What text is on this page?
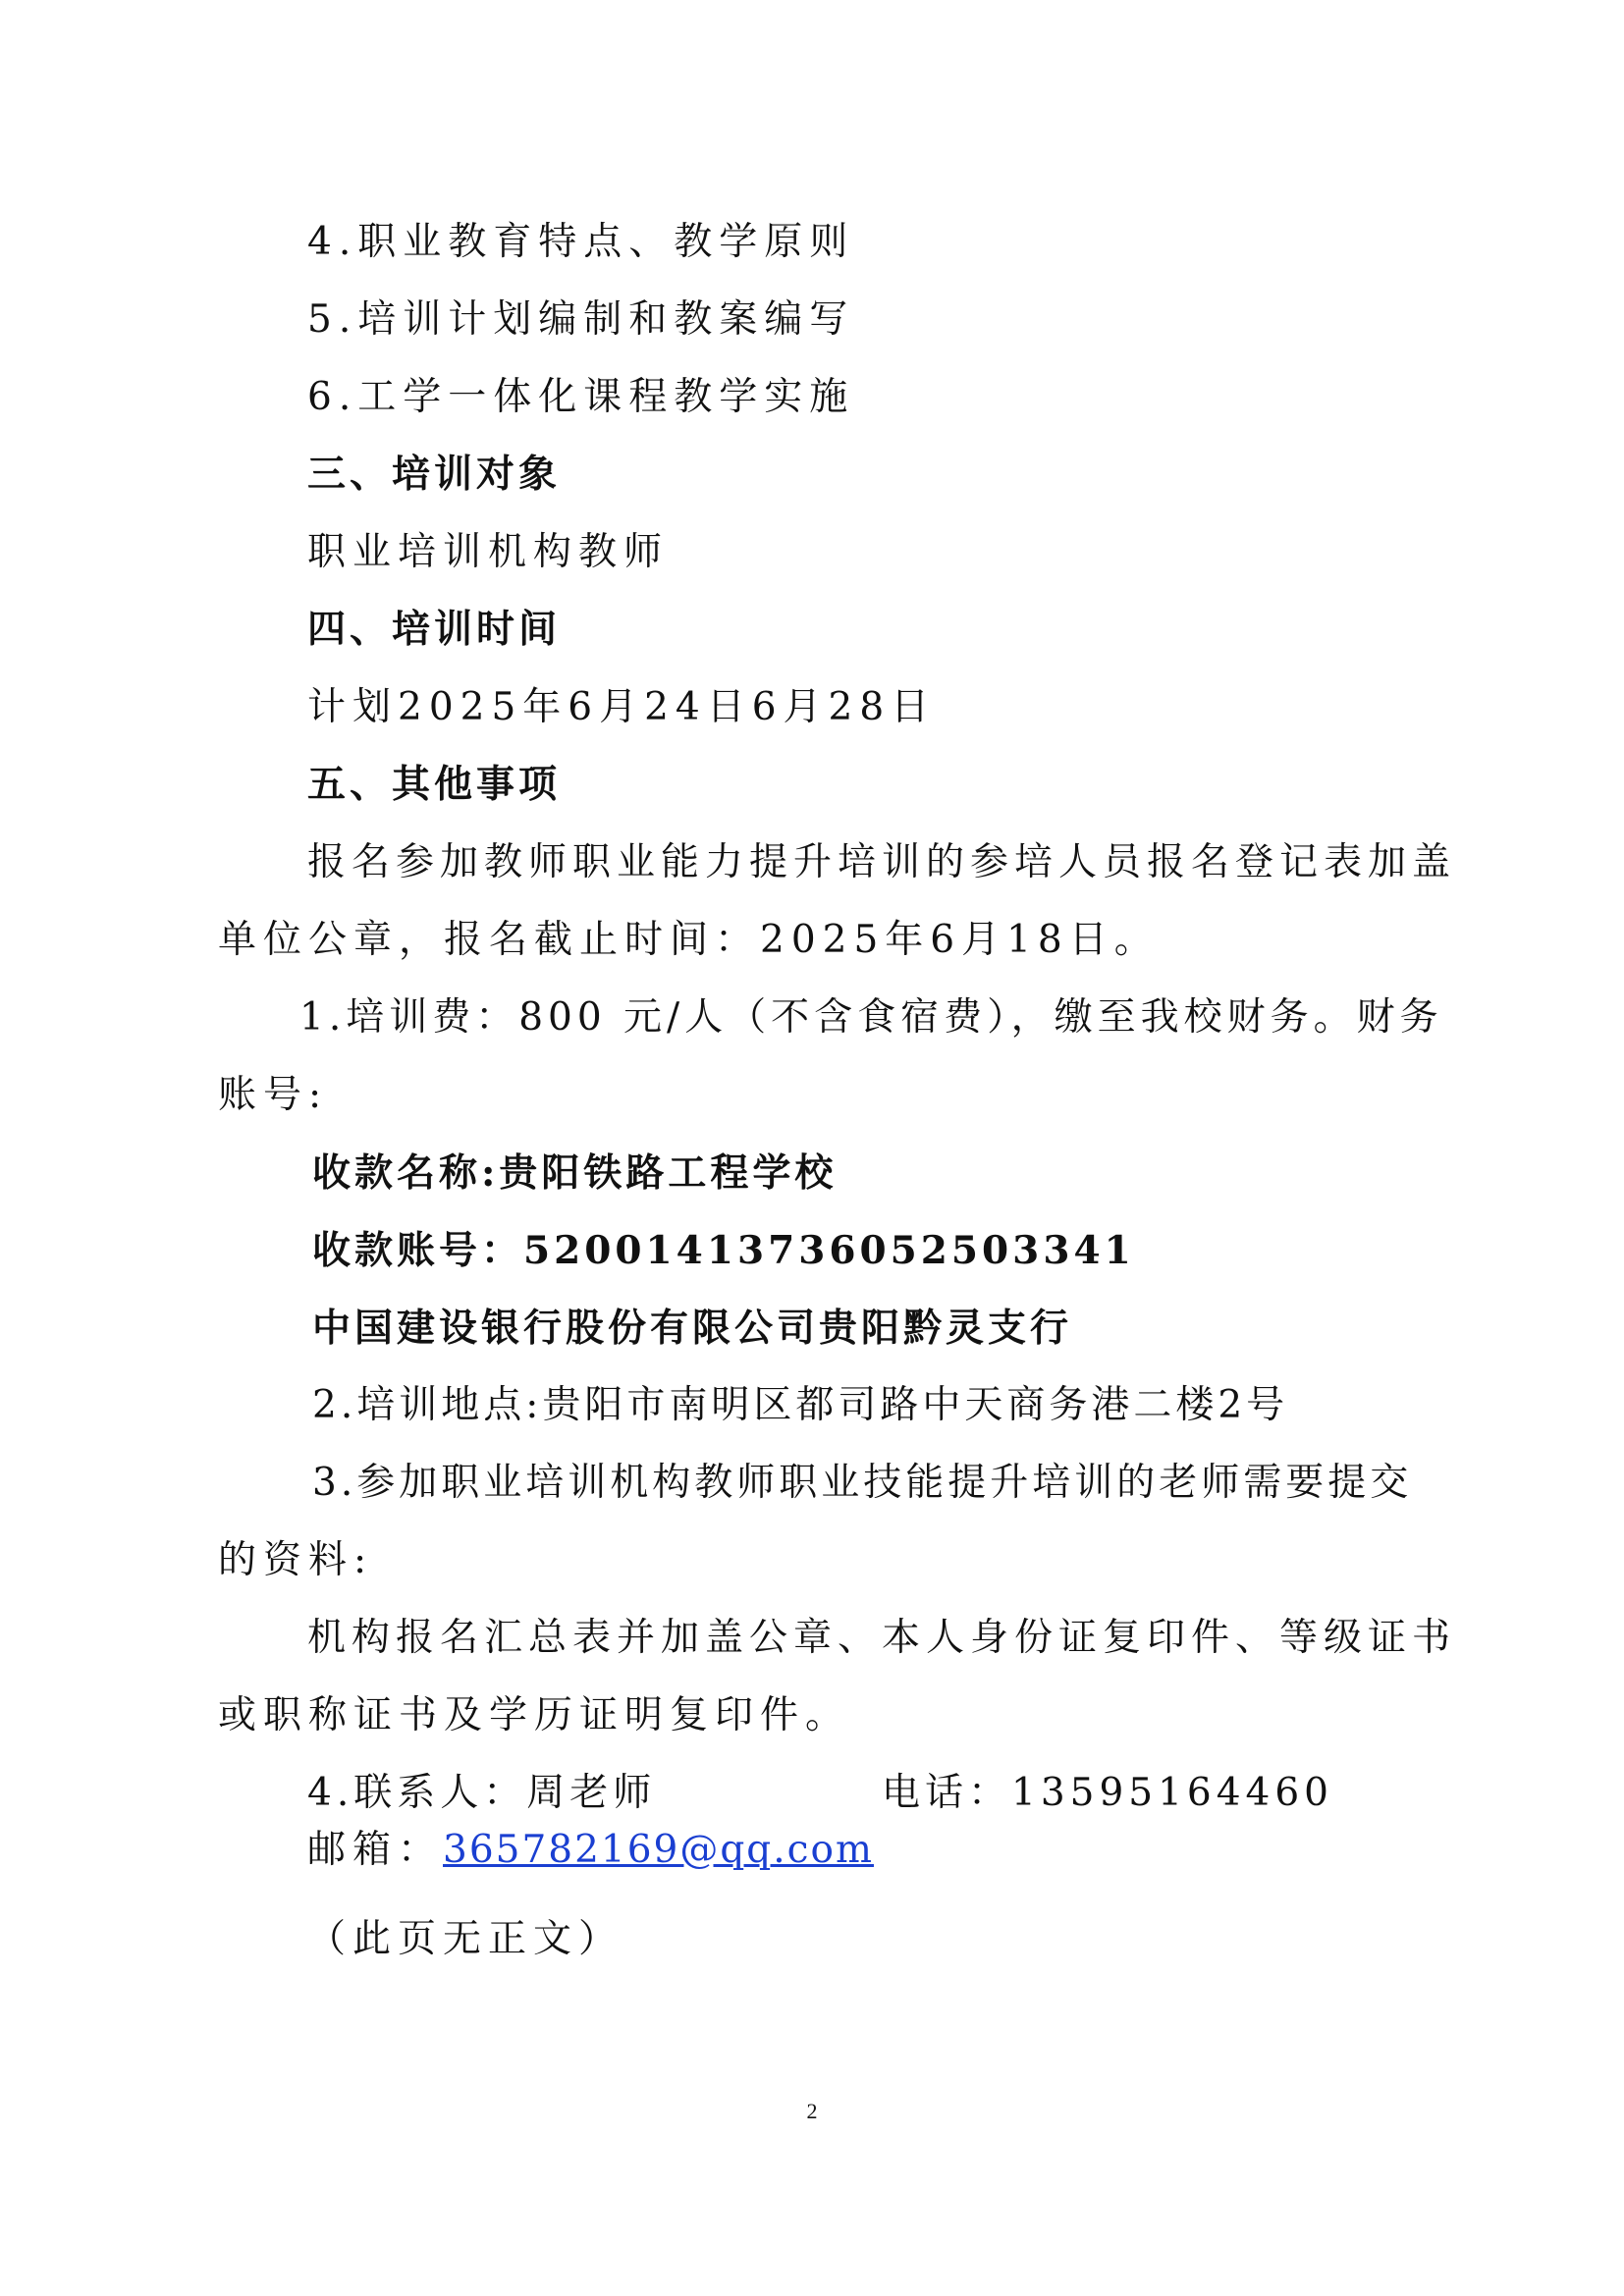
4.职业教育特点、教学原则
5.培训计划编制和教案编写
6.工学一体化课程教学实施
三、培训对象
职业培训机构教师
四、培训时间
计划2025年6月24日6月28日
五、其他事项
报名参加教师职业能力提升培训的参培人员报名登记表加盖
单位公章，报名截止时间：2025年6月18日。
1.培训费：800 元/人（不含食宿费），缴至我校财务。财务
账号:
收款名称:贵阳铁路工程学校
收款账号：52001413736052503341
中国建设银行股份有限公司贵阳黔灵支行
2.培训地点:贵阳市南明区都司路中天商务港二楼2号
3.参加职业培训机构教师职业技能提升培训的老师需要提交
的资料:
机构报名汇总表并加盖公章、本人身份证复印件、等级证书
或职称证书及学历证明复印件。
4.联系人：周老师	电话：13595164460
邮箱：365782169@qq.com
（此页无正文）
2
